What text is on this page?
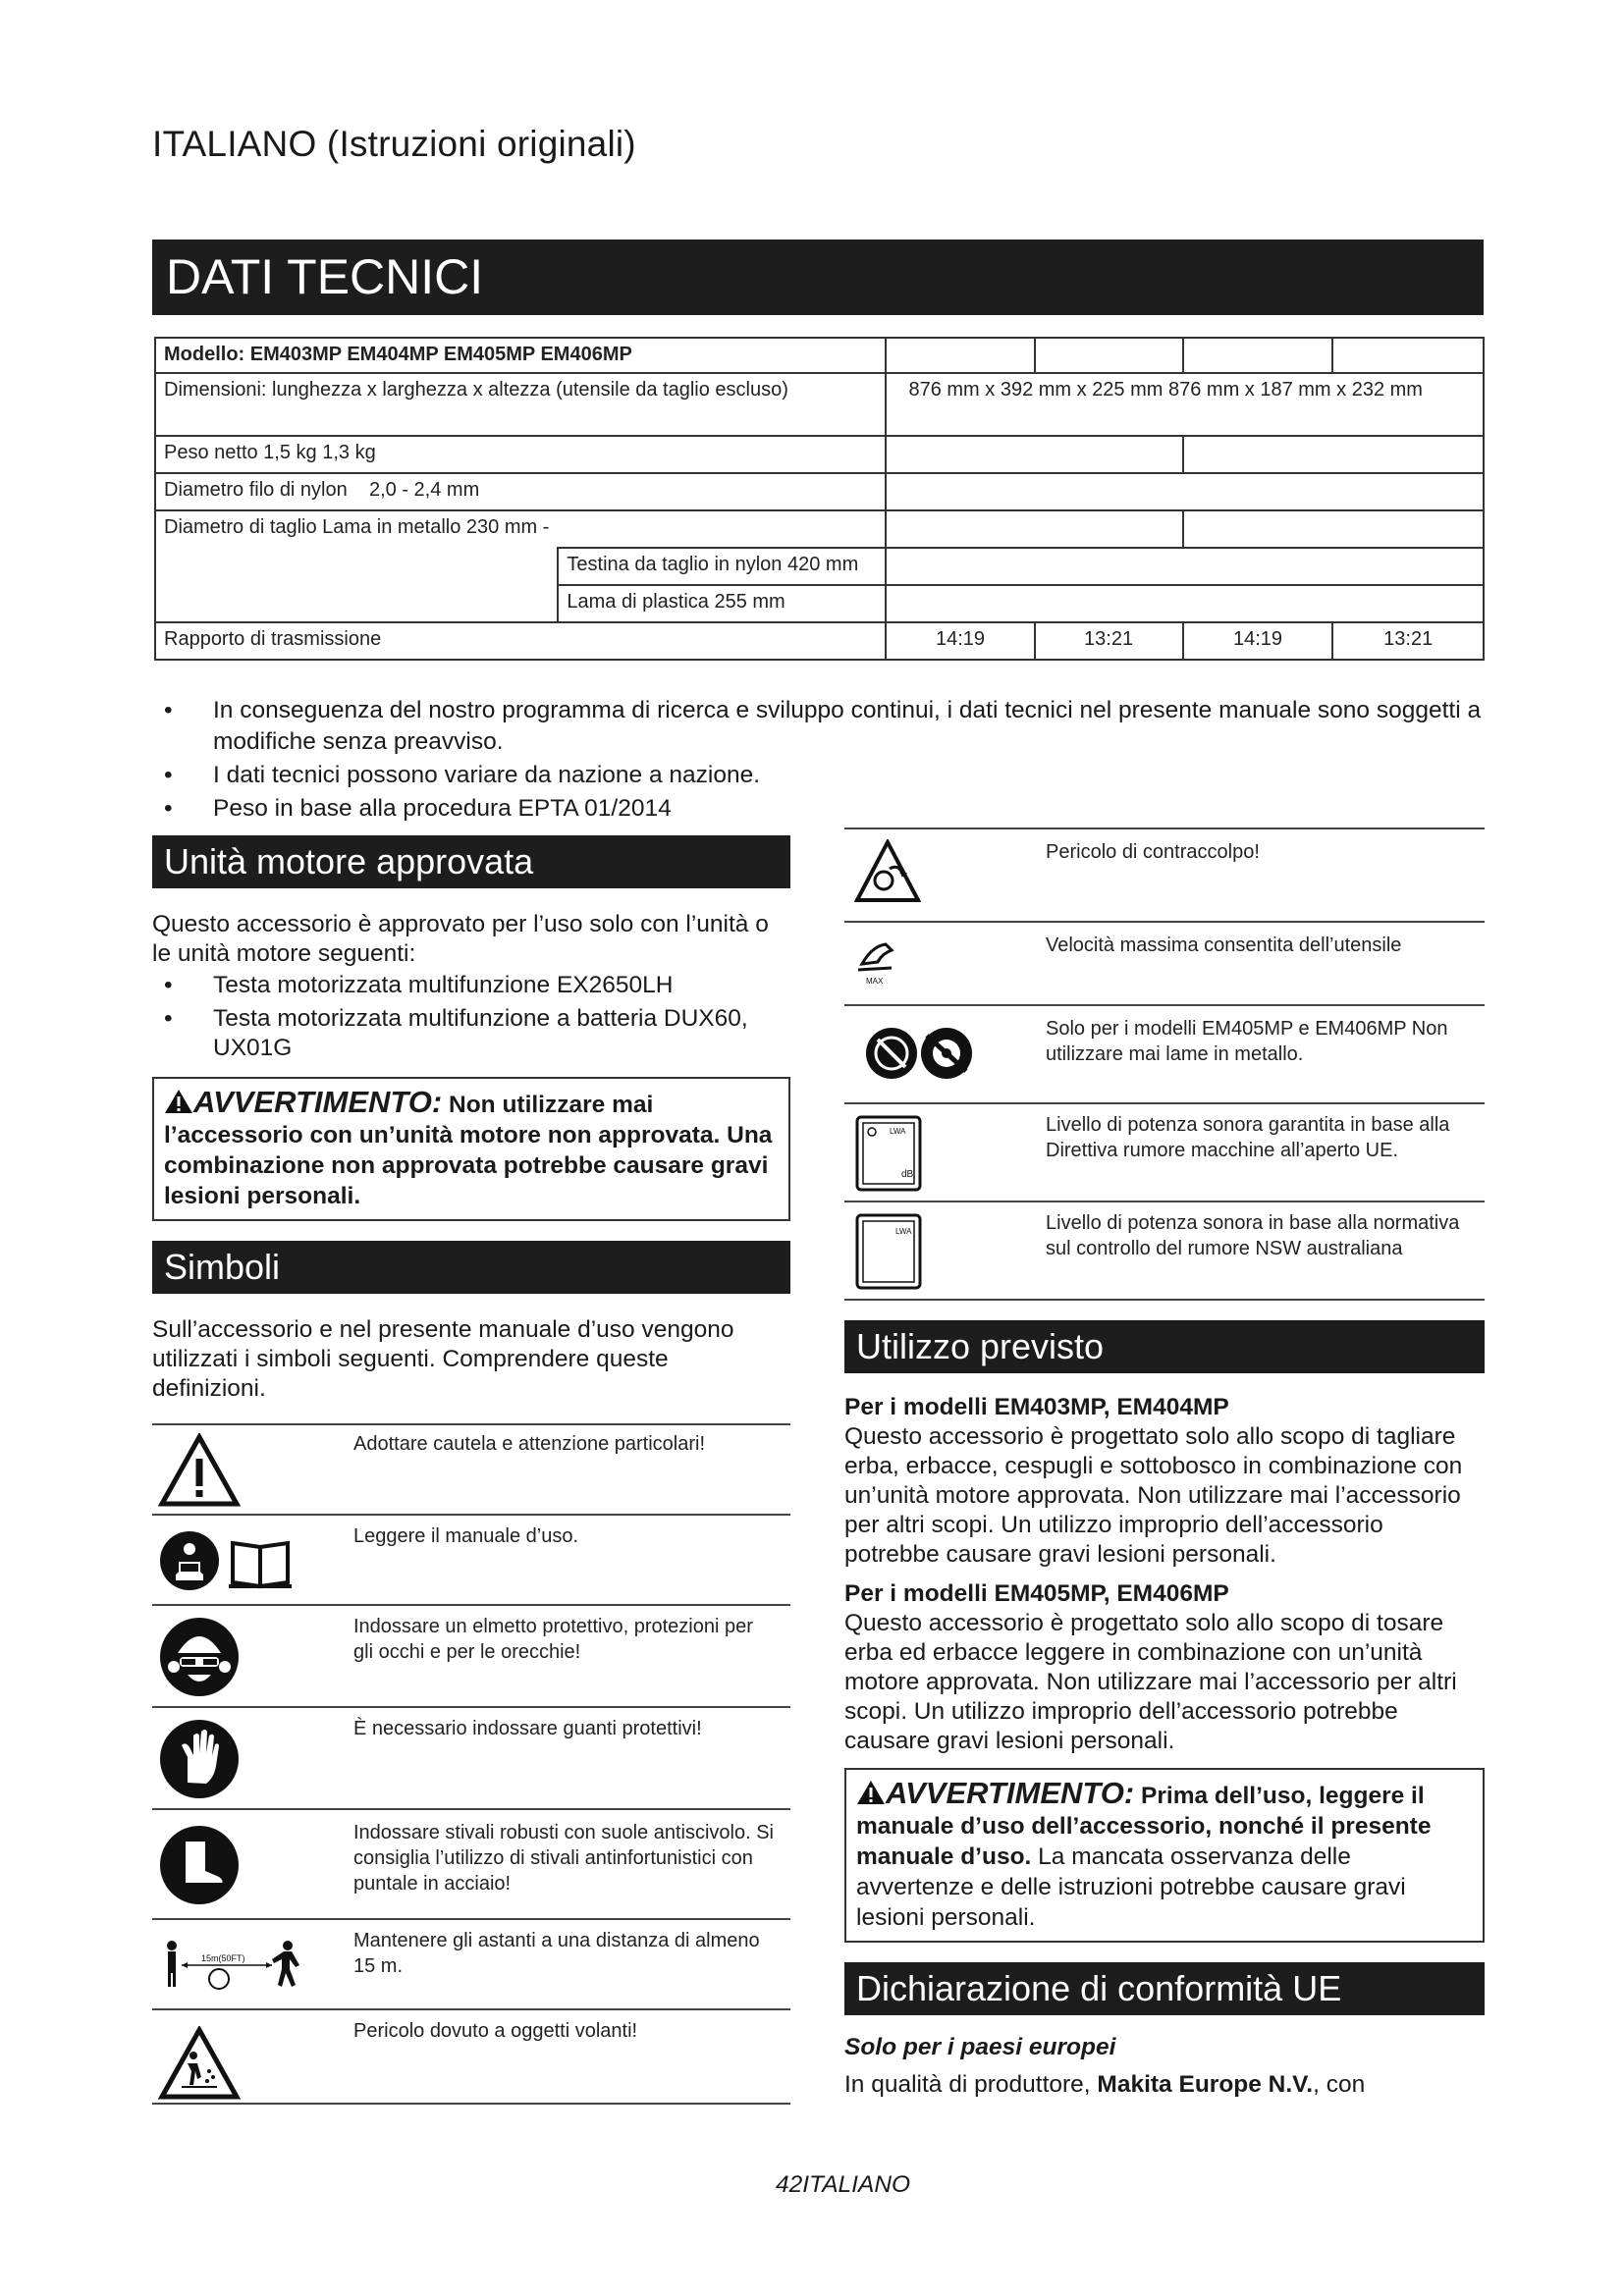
ITALIANO (Istruzioni originali)
DATI TECNICI
Modello: EM403MP EM404MP EM405MP EM406MP					
Dimensioni: lunghezza x larghezza x altezza (utensile da taglio escluso)		876 mm x 392 mm x 225 mm 876 mm x 187 mm x 232 mm			
Peso netto 1,5 kg 1,3 kg					
Diametro filo di nylon    2,0 - 2,4 mm					
Diametro di taglio Lama in metallo 230 mm -					
	Testina da taglio in nylon 420 mm				
	Lama di plastica 255 mm				
Rapporto di trasmissione		14:19	13:21	14:19	13:21
• In conseguenza del nostro programma di ricerca e sviluppo continui, i dati tecnici nel presente manuale sono soggetti a modifiche senza preavviso.
• I dati tecnici possono variare da nazione a nazione.
• Peso in base alla procedura EPTA 01/2014
Unità motore approvata
Questo accessorio è approvato per l’uso solo con l’unità o le unità motore seguenti:
• Testa motorizzata multifunzione EX2650LH
• Testa motorizzata multifunzione a batteria DUX60, UX01G
AVVERTIMENTO: Non utilizzare mai l’accessorio con un’unità motore non approvata. Una combinazione non approvata potrebbe causare gravi lesioni personali.
Simboli
Sull’accessorio e nel presente manuale d’uso vengono utilizzati i simboli seguenti. Comprendere queste definizioni.
Adottare cautela e attenzione particolari!
Leggere il manuale d’uso.
Indossare un elmetto protettivo, protezioni per gli occhi e per le orecchie!
È necessario indossare guanti protettivi!
Indossare stivali robusti con suole antiscivolo. Si consiglia l’utilizzo di stivali antinfortunistici con puntale in acciaio!
15m(50FT)
Mantenere gli astanti a una distanza di almeno 15 m.
Pericolo dovuto a oggetti volanti!
Pericolo di contraccolpo!
MAX
Velocità massima consentita dell’utensile
Solo per i modelli EM405MP e EM406MP Non utilizzare mai lame in metallo.
LWA
dB
Livello di potenza sonora garantita in base alla Direttiva rumore macchine all’aperto UE.
LWA	Livello di potenza sonora in base alla normativa sul controllo del rumore NSW australiana
Utilizzo previsto
Per i modelli EM403MP, EM404MP
Questo accessorio è progettato solo allo scopo di tagliare erba, erbacce, cespugli e sottobosco in combinazione con un’unità motore approvata. Non utilizzare mai l’accessorio per altri scopi. Un utilizzo improprio dell’accessorio potrebbe causare gravi lesioni personali.
Per i modelli EM405MP, EM406MP
Questo accessorio è progettato solo allo scopo di tosare erba ed erbacce leggere in combinazione con un’unità motore approvata. Non utilizzare mai l’accessorio per altri scopi. Un utilizzo improprio dell’accessorio potrebbe causare gravi lesioni personali.
AVVERTIMENTO: Prima dell’uso, leggere il manuale d’uso dell’accessorio, nonché il presente manuale d’uso. La mancata osservanza delle avvertenze e delle istruzioni potrebbe causare gravi lesioni personali.
Dichiarazione di conformità UE
Solo per i paesi europei
In qualità di produttore, Makita Europe N.V., con
42ITALIANO
